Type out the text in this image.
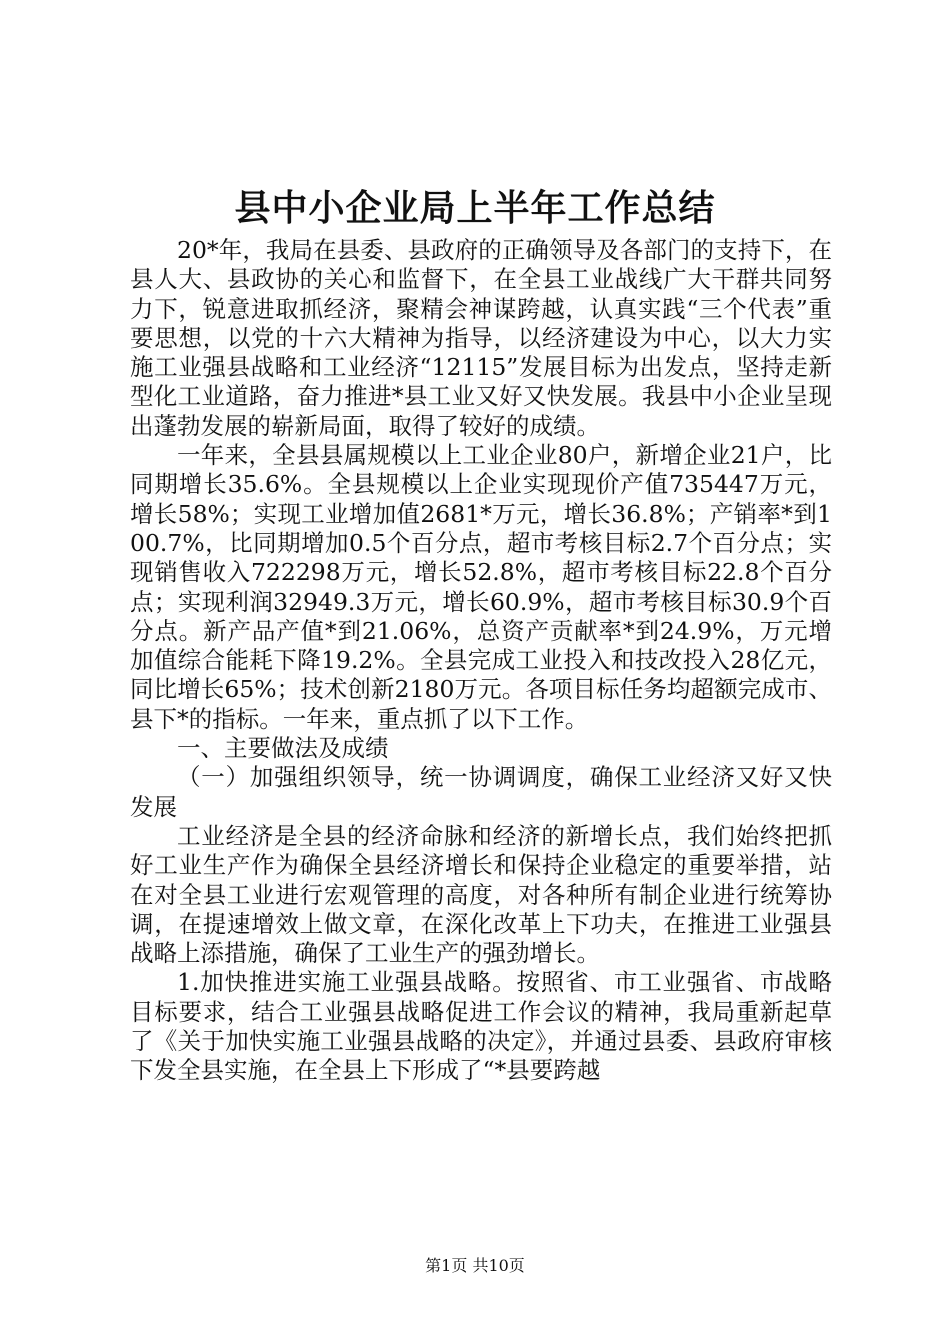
县中小企业局上半年工作总结

20*年，我局在县委、县政府的正确领导及各部门的支持下，在县人大、县政协的关心和监督下，在全县工业战线广大干群共同努力下，锐意进取抓经济，聚精会神谋跨越，认真实践“三个代表”重要思想，以党的十六大精神为指导，以经济建设为中心，以大力实施工业强县战略和工业经济“12115”发展目标为出发点，坚持走新型化工业道路，奋力推进*县工业又好又快发展。我县中小企业呈现出蓬勃发展的崭新局面，取得了较好的成绩。

一年来，全县县属规模以上工业企业80户，新增企业21户，比同期增长35.6%。全县规模以上企业实现现价产值735447万元，增长58%；实现工业增加值2681*万元，增长36.8%；产销率*到100.7%，比同期增加0.5个百分点，超市考核目标2.7个百分点；实现销售收入722298万元，增长52.8%，超市考核目标22.8个百分点；实现利润32949.3万元，增长60.9%，超市考核目标30.9个百分点。新产品产值*到21.06%，总资产贡献率*到24.9%，万元增加值综合能耗下降19.2%。全县完成工业投入和技改投入28亿元，同比增长65%；技术创新2180万元。各项目标任务均超额完成市、县下*的指标。一年来，重点抓了以下工作。

一、主要做法及成绩

（一）加强组织领导，统一协调调度，确保工业经济又好又快发展

工业经济是全县的经济命脉和经济的新增长点，我们始终把抓好工业生产作为确保全县经济增长和保持企业稳定的重要举措，站在对全县工业进行宏观管理的高度，对各种所有制企业进行统筹协调，在提速增效上做文章，在深化改革上下功夫，在推进工业强县战略上添措施，确保了工业生产的强劲增长。

1.加快推进实施工业强县战略。按照省、市工业强省、市战略目标要求，结合工业强县战略促进工作会议的精神，我局重新起草了《关于加快实施工业强县战略的决定》，并通过县委、县政府审核下发全县实施，在全县上下形成了“*县要跨越

第1页 共10页
